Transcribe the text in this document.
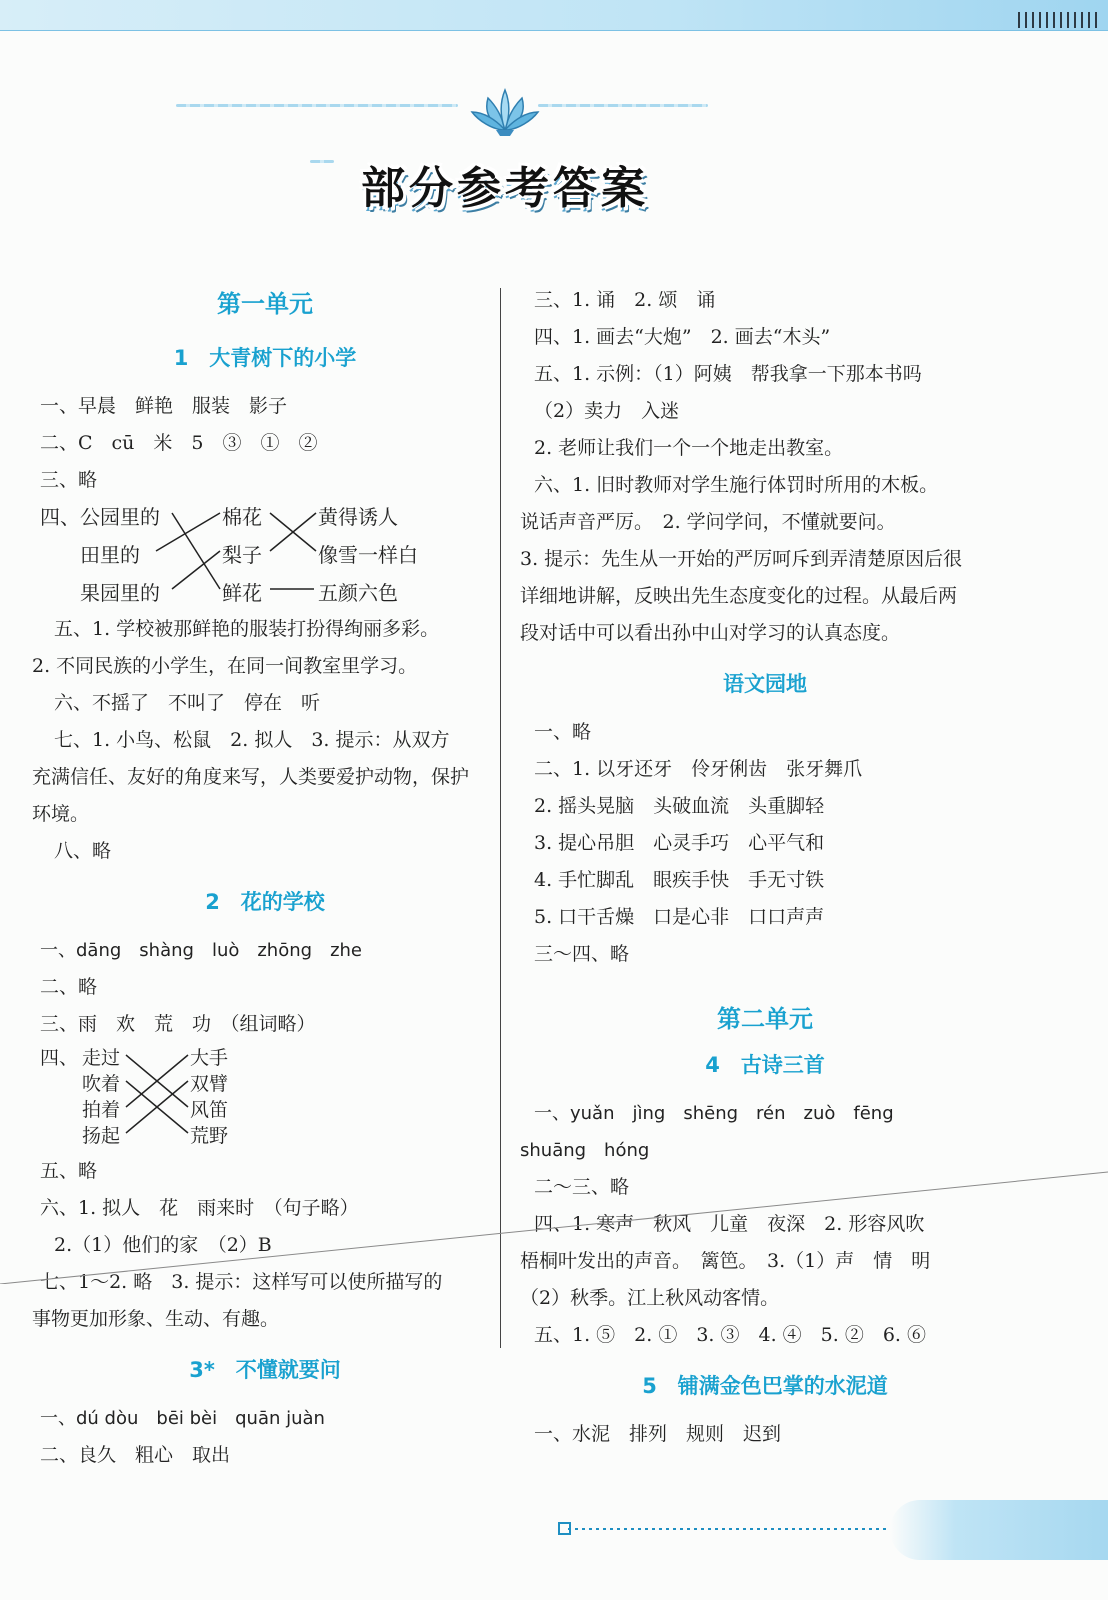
部分参考答案
第一单元
1　大青树下的小学
一、早晨　鲜艳　服装　影子
二、C　cū　米　5　③　①　②
三、略
四、 公园里的
田里的
果园里的
棉花
梨子
鲜花
黄得诱人
像雪一样白
五颜六色
五、1. 学校被那鲜艳的服装打扮得绚丽多彩。
2. 不同民族的小学生，在同一间教室里学习。
六、不摇了　不叫了　停在　听
七、1. 小鸟、松鼠　2. 拟人　3. 提示：从双方
充满信任、友好的角度来写，人类要爱护动物，保护
环境。
八、略
2　花的学校
一、dāng　shàng　luò　zhōng　zhe
二、略
三、雨　欢　荒　功　（组词略）
四、 走过
吹着
拍着
扬起
大手
双臂
风笛
荒野
五、略
六、1. 拟人　花　雨来时　（句子略）
2.（1）他们的家　（2）B
七、1～2. 略　3. 提示：这样写可以使所描写的
事物更加形象、生动、有趣。
3*　不懂就要问
一、dú dòu　bēi bèi　quān juàn
二、良久　粗心　取出
三、1. 诵　2. 颂　诵
四、1. 画去“大炮”　2. 画去“木头”
五、1. 示例：（1）阿姨　帮我拿一下那本书吗
（2）卖力　入迷
2. 老师让我们一个一个地走出教室。
六、1. 旧时教师对学生施行体罚时所用的木板。
说话声音严厉。　2. 学问学问，不懂就要问。
3. 提示：先生从一开始的严厉呵斥到弄清楚原因后很
详细地讲解，反映出先生态度变化的过程。从最后两
段对话中可以看出孙中山对学习的认真态度。
语文园地
一、略
二、1. 以牙还牙　伶牙俐齿　张牙舞爪
2. 摇头晃脑　头破血流　头重脚轻
3. 提心吊胆　心灵手巧　心平气和
4. 手忙脚乱　眼疾手快　手无寸铁
5. 口干舌燥　口是心非　口口声声
三～四、略
第二单元
4　古诗三首
一、yuǎn　jìng　shēng　rén　zuò　fēng
shuāng　hóng
二～三、略
四、1. 寒声　秋风　儿童　夜深　2. 形容风吹
梧桐叶发出的声音。　篱笆。　3.（1）声　情　明
（2）秋季。江上秋风动客情。
五、1. ⑤　2. ①　3. ③　4. ④　5. ②　6. ⑥
5　铺满金色巴掌的水泥道
一、水泥　排列　规则　迟到
